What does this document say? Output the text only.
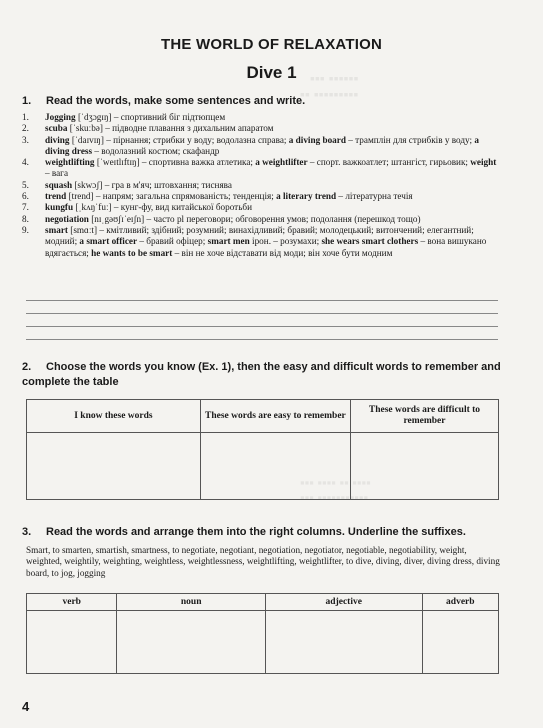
▪▪▪ ▪▪▪▪▪▪
▪▪ ▪▪▪▪▪▪▪▪▪
▪▪▪ ▪▪▪▪ ▪▪ ▪▪▪▪
▪▪▪ ▪▪▪▪▪▪▪▪▪▪▪
THE WORLD OF RELAXATION
Dive 1
1. Read the words, make some sentences and write.
1.	Jogging [ˈdʒɔgɪŋ] – спортивний біг підтюпцем
2.	scuba [ˈskuːbə] – підводне плавання з дихальним апаратом
3.	diving [ˈdaɪvɪŋ] – пірнання; стрибки у воду; водолазна справа; a diving board – трамплін для стрибків у воду; a diving dress – водолазний костюм; скафандр
4.	weightlifting [ˈweɪtlɪftɪŋ] – спортивна важка атлетика; a weightlifter – спорт. важкоатлет; штангіст, гирьовик; weight – вага
5.	squash [skwɔʃ] – гра в м'яч; штовхання; тиснява
6.	trend [trend] – напрям; загальна спрямованість; тенденція; a literary trend – літературна течія
7.	kungfu [ˌkʌŋˈfuː] – кунг-фу, вид китайської боротьби
8.	negotiation [nɪˌgəʊʃɪˈeɪʃn] – часто pl переговори; обговорення умов; подолання (перешкод тощо)
9.	smart [smɑːt] – кмітливий; здібний; розумний; винахідливий; бравий; молодецький; витончений; елегантний; модний; a smart officer – бравий офіцер; smart men ірон. – розумахи; she wears smart clothers – вона вишукано вдягається; he wants to be smart – він не хоче відставати від моди; він хоче бути модним
2. Choose the words you know (Ex. 1), then the easy and difficult words to remember and complete the table
I know these words	These words are easy to remember	These words are difficult to remember

3. Read the words and arrange them into the right columns. Underline the suffixes.
Smart, to smarten, smartish, smartness, to negotiate, negotiant, negotiation, negotiator, negotiable, negotiability, weight, weighted, weightily, weighting, weightless, weightlessness, weightlifting, weightlifter, to dive, diving, diver, diving dress, diving board, to jog, jogging
verb	noun	adjective	adverb

4
